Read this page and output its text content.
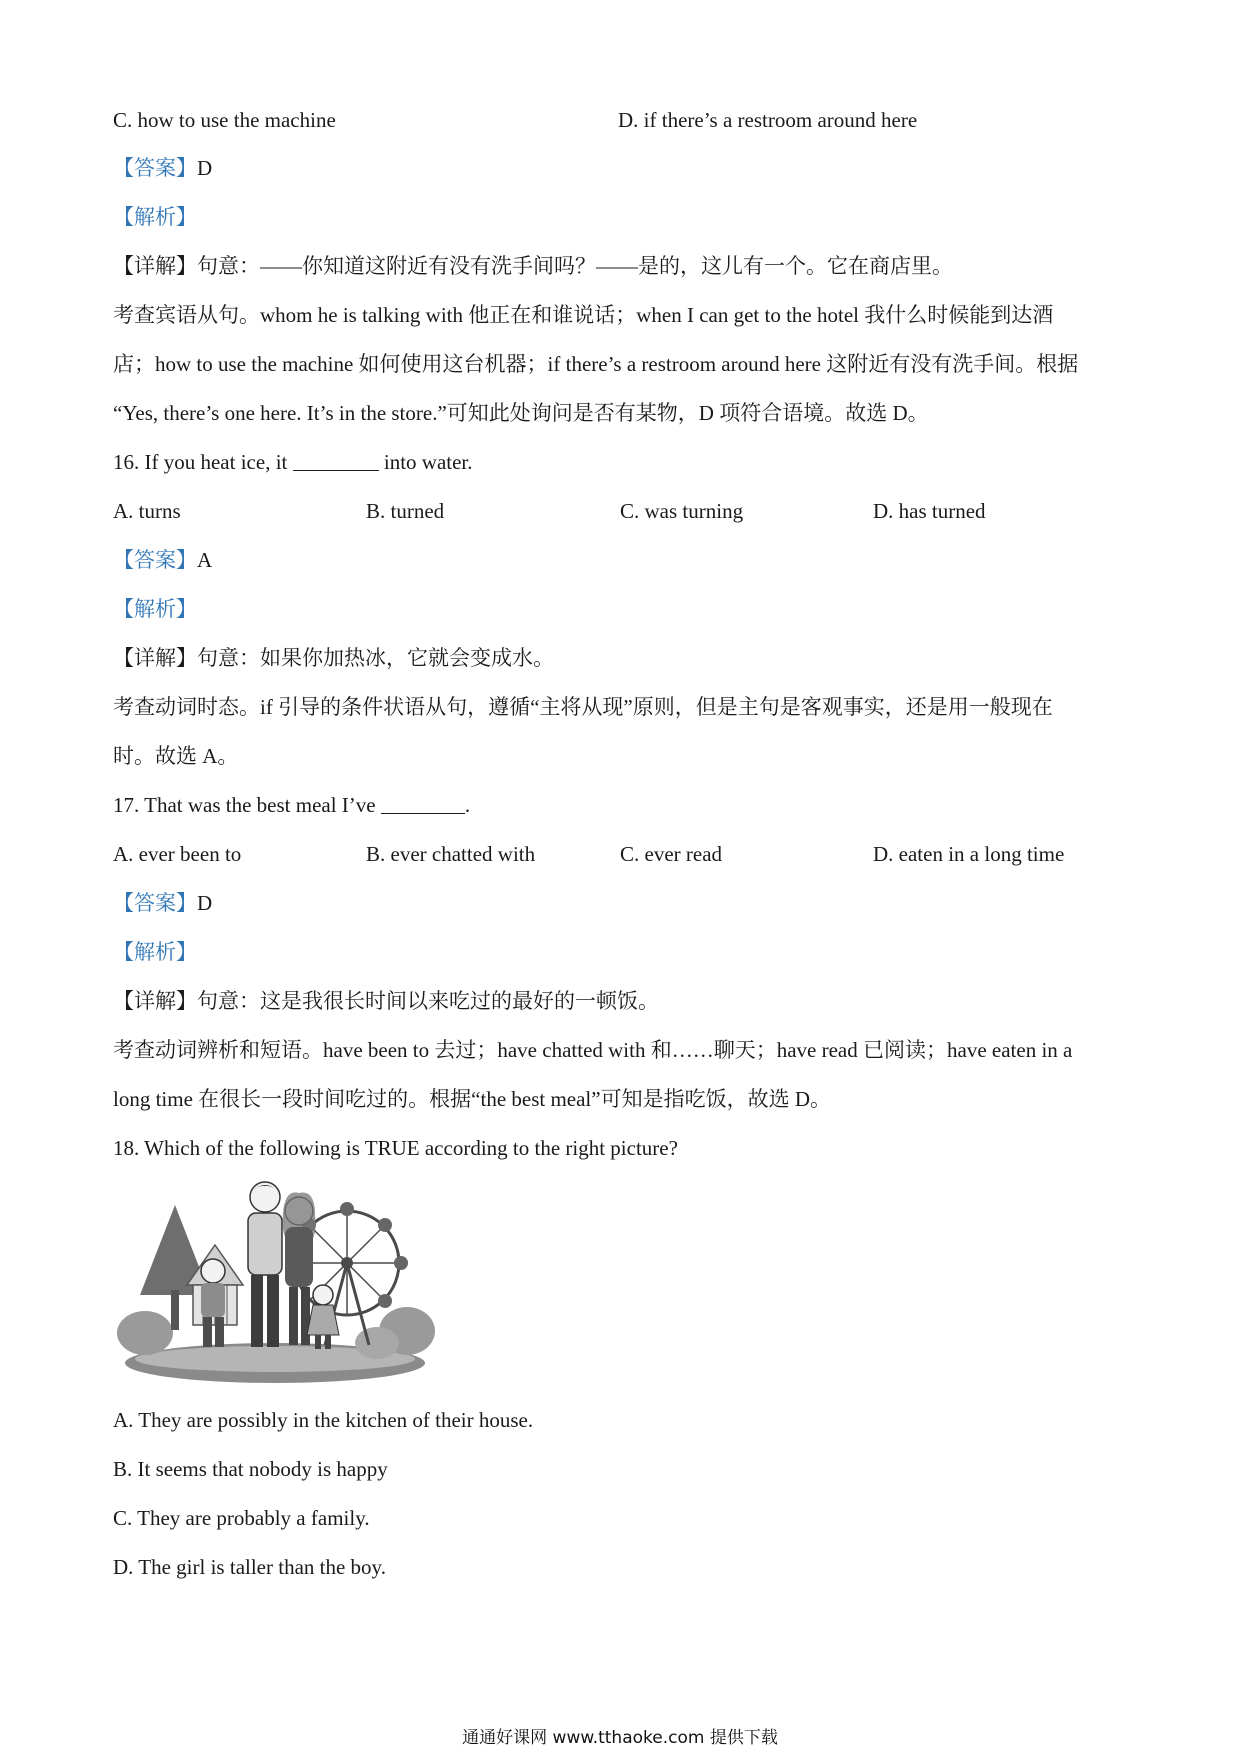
C. how to use the machine	D. if there’s a restroom around here
【答案】D
【解析】
【详解】句意：——你知道这附近有没有洗手间吗？——是的，这儿有一个。它在商店里。
考查宾语从句。whom he is talking with 他正在和谁说话；when I can get to the hotel 我什么时候能到达酒
店；how to use the machine 如何使用这台机器；if there’s a restroom around here 这附近有没有洗手间。根据
“Yes, there’s one here. It’s in the store.”可知此处询问是否有某物，D 项符合语境。故选 D。
16. If you heat ice, it	into water.
A. turns	B. turned	C. was turning	D. has turned
【答案】A
【解析】
【详解】句意：如果你加热冰，它就会变成水。
考查动词时态。if 引导的条件状语从句，遵循“主将从现”原则，但是主句是客观事实，还是用一般现在
时。故选 A。
17. That was the best meal I’ve	.
A. ever been to	B. ever chatted with	C. ever read	D. eaten in a long time
【答案】D
【解析】
【详解】句意：这是我很长时间以来吃过的最好的一顿饭。
考查动词辨析和短语。have been to 去过；have chatted with 和……聊天；have read 已阅读；have eaten in a
long time 在很长一段时间吃过的。根据“the best meal”可知是指吃饭，故选 D。
18. Which of the following is TRUE according to the right picture?
A. They are possibly in the kitchen of their house.
B. It seems that nobody is happy
C. They are probably a family.
D. The girl is taller than the boy.
通通好课网 www.tthaoke.com 提供下载
